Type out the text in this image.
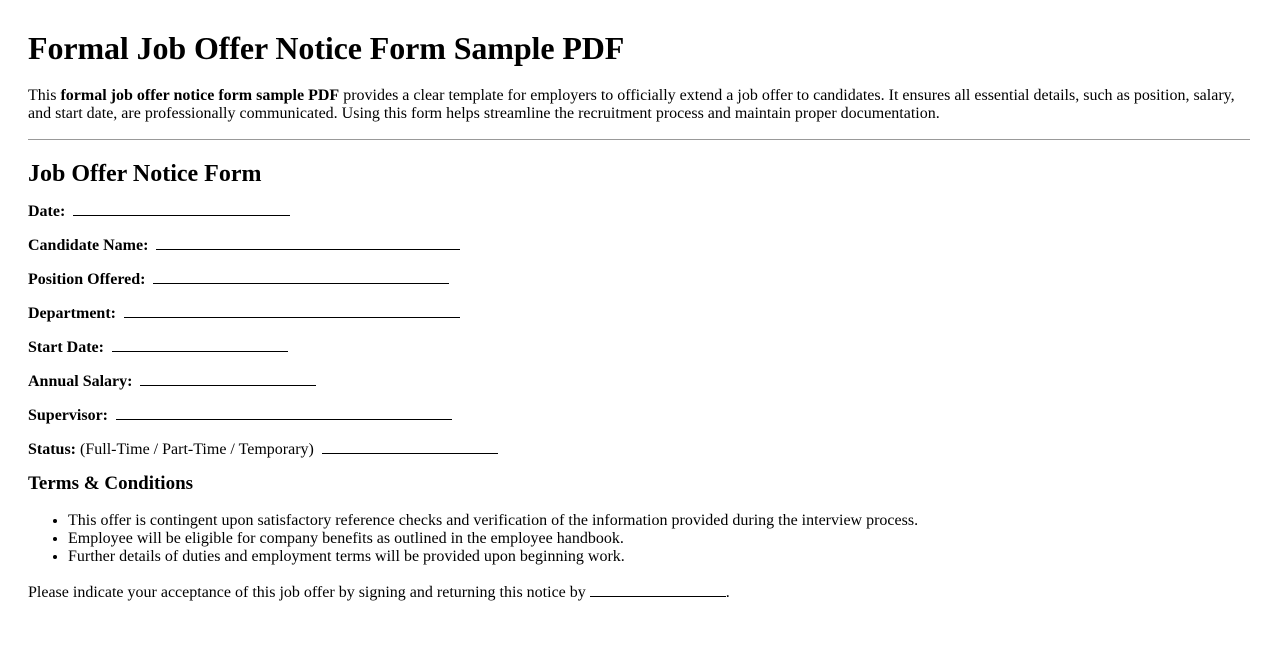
Formal Job Offer Notice Form Sample PDF

This formal job offer notice form sample PDF provides a clear template for employers to officially extend a job offer to candidates. It ensures all essential details, such as position, salary, and start date, are professionally communicated. Using this form helps streamline the recruitment process and maintain proper documentation.

Job Offer Notice Form
Date:
Candidate Name:
Position Offered:
Department:
Start Date:
Annual Salary:
Supervisor:
Status: (Full-Time / Part-Time / Temporary)
Terms & Conditions
• This offer is contingent upon satisfactory reference checks and verification of the information provided during the interview process.
• Employee will be eligible for company benefits as outlined in the employee handbook.
• Further details of duties and employment terms will be provided upon beginning work.

Please indicate your acceptance of this job offer by signing and returning this notice by	.
